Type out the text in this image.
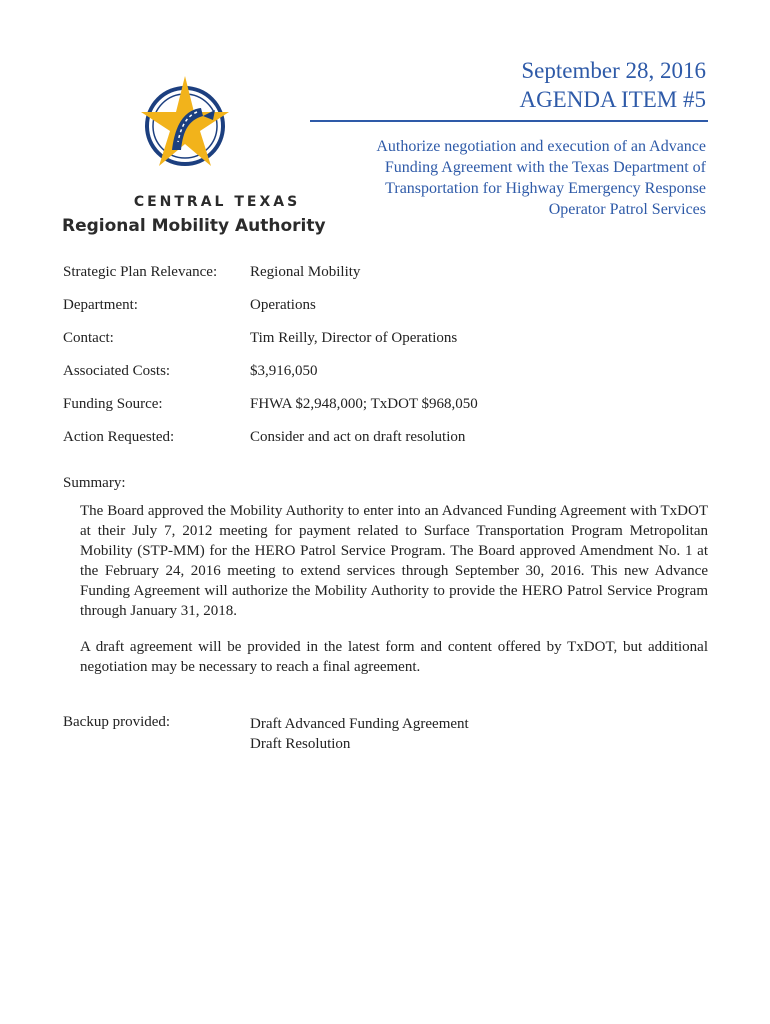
CENTRAL TEXAS
Regional Mobility Authority
September 28, 2016
AGENDA ITEM #5
Authorize negotiation and execution of an Advance
Funding Agreement with the Texas Department of
Transportation for Highway Emergency Response
Operator Patrol Services
Strategic Plan Relevance: Regional Mobility
Department:	Operations
Contact:	Tim Reilly, Director of Operations
Associated Costs:	$3,916,050
Funding Source:	FHWA $2,948,000; TxDOT $968,050
Action Requested:	Consider and act on draft resolution
Summary:
The Board approved the Mobility Authority to enter into an Advanced Funding Agreement with TxDOT at their July 7, 2012 meeting for payment related to Surface Transportation Program Metropolitan Mobility (STP-MM) for the HERO Patrol Service Program. The Board approved Amendment No. 1 at the February 24, 2016 meeting to extend services through September 30, 2016. This new Advance Funding Agreement will authorize the Mobility Authority to provide the HERO Patrol Service Program through January 31, 2018.
A draft agreement will be provided in the latest form and content offered by TxDOT, but additional negotiation may be necessary to reach a final agreement.
Backup provided:	Draft Advanced Funding Agreement
Draft Resolution
